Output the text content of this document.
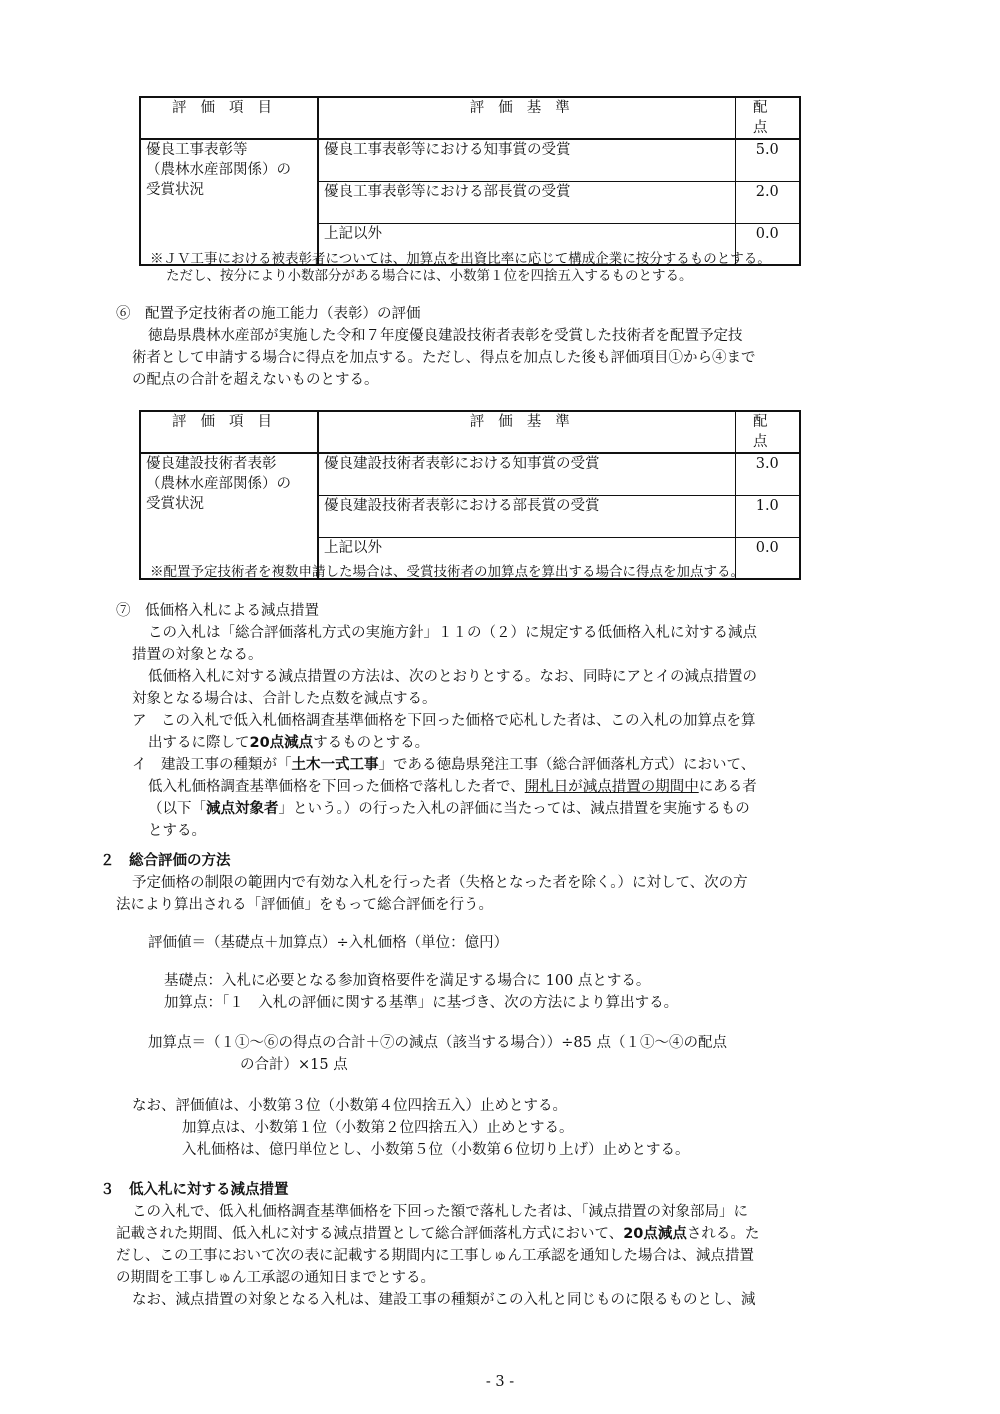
評価項目	評価基準	配点

優良工事表彰等
（農林水産部関係）の
受賞状況	優良工事表彰等における知事賞の受賞	5.0
	優良工事表彰等における部長賞の受賞	2.0
	上記以外	0.0
※ＪＶ工事における被表彰者については、加算点を出資比率に応じて構成企業に按分するものとする。
ただし、按分により小数部分がある場合には、小数第１位を四捨五入するものとする。
⑥　配置予定技術者の施工能力（表彰）の評価
徳島県農林水産部が実施した令和７年度優良建設技術者表彰を受賞した技術者を配置予定技
術者として申請する場合に得点を加点する。ただし、得点を加点した後も評価項目①から④まで
の配点の合計を超えないものとする。
評価項目	評価基準	配点

優良建設技術者表彰
（農林水産部関係）の
受賞状況	優良建設技術者表彰における知事賞の受賞	3.0
	優良建設技術者表彰における部長賞の受賞	1.0
	上記以外	0.0
※配置予定技術者を複数申請した場合は、受賞技術者の加算点を算出する場合に得点を加点する。
⑦　低価格入札による減点措置
この入札は「総合評価落札方式の実施方針」１１の（２）に規定する低価格入札に対する減点
措置の対象となる。
低価格入札に対する減点措置の方法は、次のとおりとする。なお、同時にアとイの減点措置の
対象となる場合は、合計した点数を減点する。
ア　この入札で低入札価格調査基準価格を下回った価格で応札した者は、この入札の加算点を算
出するに際して20点減点するものとする。
イ　建設工事の種類が「土木一式工事」である徳島県発注工事（総合評価落札方式）において、
低入札価格調査基準価格を下回った価格で落札した者で、開札日が減点措置の期間中にある者
（以下「減点対象者」という。）の行った入札の評価に当たっては、減点措置を実施するもの
とする。
２　総合評価の方法
予定価格の制限の範囲内で有効な入札を行った者（失格となった者を除く。）に対して、次の方
法により算出される「評価値」をもって総合評価を行う。
評価値＝（基礎点＋加算点）÷入札価格（単位：億円）
基礎点：入札に必要となる参加資格要件を満足する場合に 100 点とする。
加算点：「１　入札の評価に関する基準」に基づき、次の方法により算出する。
加算点＝（１①～⑥の得点の合計＋⑦の減点（該当する場合））÷85 点（１①～④の配点
の合計）×15 点
なお、評価値は、小数第３位（小数第４位四捨五入）止めとする。
加算点は、小数第１位（小数第２位四捨五入）止めとする。
入札価格は、億円単位とし、小数第５位（小数第６位切り上げ）止めとする。
３　低入札に対する減点措置
この入札で、低入札価格調査基準価格を下回った額で落札した者は、「減点措置の対象部局」に
記載された期間、低入札に対する減点措置として総合評価落札方式において、20点減点される。た
だし、この工事において次の表に記載する期間内に工事しゅん工承認を通知した場合は、減点措置
の期間を工事しゅん工承認の通知日までとする。
なお、減点措置の対象となる入札は、建設工事の種類がこの入札と同じものに限るものとし、減
- 3 -
